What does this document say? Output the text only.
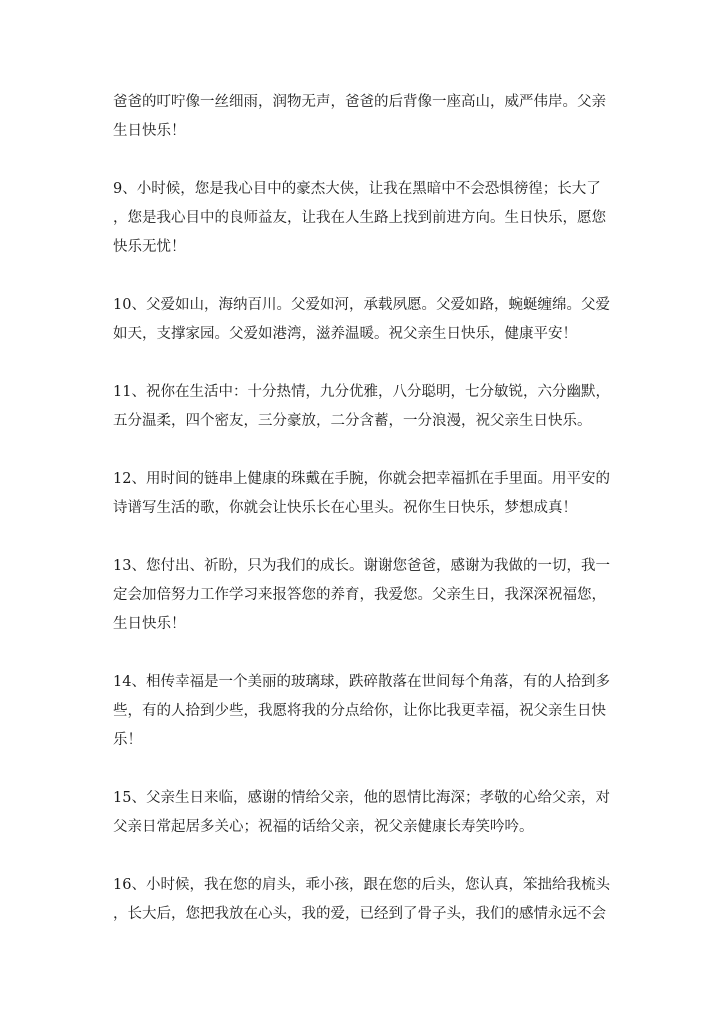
爸爸的叮咛像一丝细雨，润物无声，爸爸的后背像一座高山，威严伟岸。父亲
生日快乐！

9、小时候，您是我心目中的豪杰大侠，让我在黑暗中不会恐惧徬徨；长大了
，您是我心目中的良师益友，让我在人生路上找到前进方向。生日快乐，愿您
快乐无忧！

10、父爱如山，海纳百川。父爱如河，承载夙愿。父爱如路，蜿蜒缠绵。父爱
如天，支撑家园。父爱如港湾，滋养温暖。祝父亲生日快乐，健康平安！

11、祝你在生活中：十分热情，九分优雅，八分聪明，七分敏锐，六分幽默，
五分温柔，四个密友，三分豪放，二分含蓄，一分浪漫，祝父亲生日快乐。

12、用时间的链串上健康的珠戴在手腕，你就会把幸福抓在手里面。用平安的
诗谱写生活的歌，你就会让快乐长在心里头。祝你生日快乐，梦想成真！

13、您付出、祈盼，只为我们的成长。谢谢您爸爸，感谢为我做的一切，我一
定会加倍努力工作学习来报答您的养育，我爱您。父亲生日，我深深祝福您，
生日快乐！

14、相传幸福是一个美丽的玻璃球，跌碎散落在世间每个角落，有的人拾到多
些，有的人拾到少些，我愿将我的分点给你，让你比我更幸福，祝父亲生日快
乐！

15、父亲生日来临，感谢的情给父亲，他的恩情比海深；孝敬的心给父亲，对
父亲日常起居多关心；祝福的话给父亲，祝父亲健康长寿笑吟吟。

16、小时候，我在您的肩头，乖小孩，跟在您的后头，您认真，笨拙给我梳头
，长大后，您把我放在心头，我的爱，已经到了骨子头，我们的感情永远不会
